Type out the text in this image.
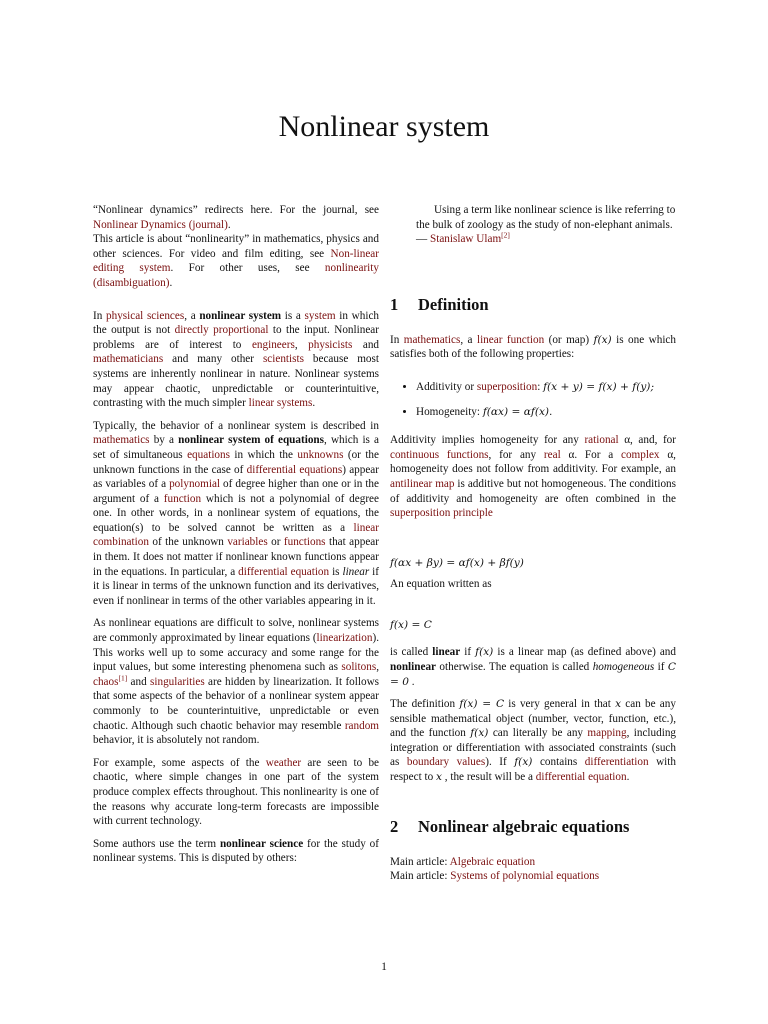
Nonlinear system
“Nonlinear dynamics” redirects here. For the journal, see Nonlinear Dynamics (journal).
This article is about “nonlinearity” in mathematics, physics and other sciences. For video and film editing, see Non-linear editing system. For other uses, see nonlinearity (disambiguation).

In physical sciences, a nonlinear system is a system in which the output is not directly proportional to the input. Nonlinear problems are of interest to engineers, physicists and mathematicians and many other scientists because most systems are inherently nonlinear in nature. Nonlinear systems may appear chaotic, unpredictable or counterintuitive, contrasting with the much simpler linear systems.

Typically, the behavior of a nonlinear system is described in mathematics by a nonlinear system of equations, which is a set of simultaneous equations in which the unknowns (or the unknown functions in the case of differential equations) appear as variables of a polynomial of degree higher than one or in the argument of a function which is not a polynomial of degree one. In other words, in a nonlinear system of equations, the equation(s) to be solved cannot be written as a linear combination of the unknown variables or functions that appear in them. It does not matter if nonlinear known functions appear in the equations. In particular, a differential equation is linear if it is linear in terms of the unknown function and its derivatives, even if nonlinear in terms of the other variables appearing in it.

As nonlinear equations are difficult to solve, nonlinear systems are commonly approximated by linear equations (linearization). This works well up to some accuracy and some range for the input values, but some interesting phenomena such as solitons, chaos[1] and singularities are hidden by linearization. It follows that some aspects of the behavior of a nonlinear system appear commonly to be counterintuitive, unpredictable or even chaotic. Although such chaotic behavior may resemble random behavior, it is absolutely not random.

For example, some aspects of the weather are seen to be chaotic, where simple changes in one part of the system produce complex effects throughout. This nonlinearity is one of the reasons why accurate long-term forecasts are impossible with current technology.

Some authors use the term nonlinear science for the study of nonlinear systems. This is disputed by others:

Using a term like nonlinear science is like referring to the bulk of zoology as the study of non-elephant animals.
— Stanislaw Ulam[2]
1 Definition

In mathematics, a linear function (or map) f(x) is one which satisfies both of the following properties:

• Additivity or superposition: f(x + y) = f(x) + f(y);
• Homogeneity: f(αx) = αf(x).

Additivity implies homogeneity for any rational α, and, for continuous functions, for any real α. For a complex α, homogeneity does not follow from additivity. For example, an antilinear map is additive but not homogeneous. The conditions of additivity and homogeneity are often combined in the superposition principle

f(αx + βy) = αf(x) + βf(y)

An equation written as

f(x) = C

is called linear if f(x) is a linear map (as defined above) and nonlinear otherwise. The equation is called homogeneous if C = 0 .

The definition f(x) = C is very general in that x can be any sensible mathematical object (number, vector, function, etc.), and the function f(x) can literally be any mapping, including integration or differentiation with associated constraints (such as boundary values). If f(x) contains differentiation with respect to x , the result will be a differential equation.

2 Nonlinear algebraic equations
Main article: Algebraic equation
Main article: Systems of polynomial equations
1
